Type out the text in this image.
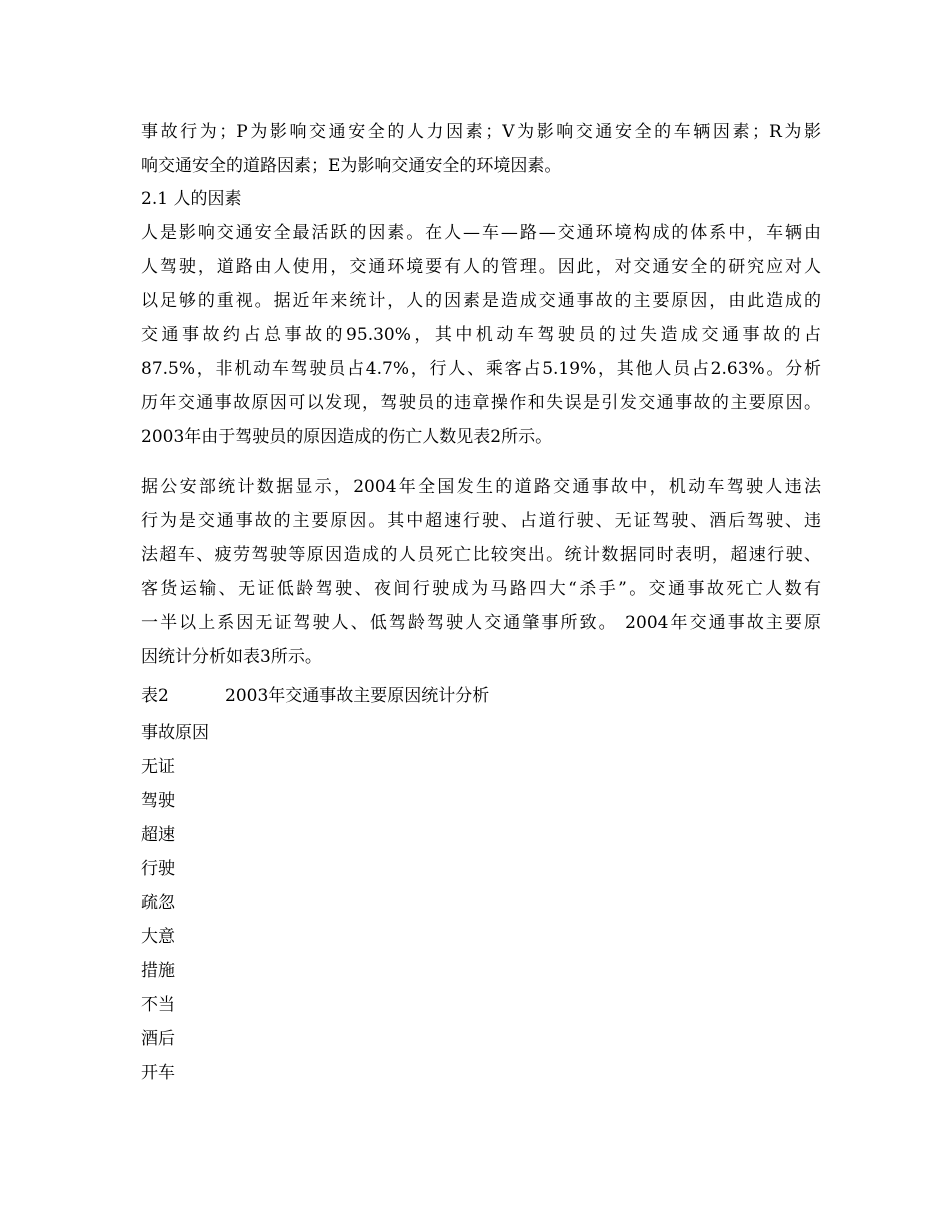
事故行为；P为影响交通安全的人力因素；V为影响交通安全的车辆因素；R为影
响交通安全的道路因素；E为影响交通安全的环境因素。
2.1 人的因素
人是影响交通安全最活跃的因素。在人—车—路—交通环境构成的体系中，车辆由
人驾驶，道路由人使用，交通环境要有人的管理。因此，对交通安全的研究应对人
以足够的重视。据近年来统计，人的因素是造成交通事故的主要原因，由此造成的
交通事故约占总事故的95.30%，其中机动车驾驶员的过失造成交通事故的占
87.5%，非机动车驾驶员占4.7%，行人、乘客占5.19%，其他人员占2.63%。分析
历年交通事故原因可以发现，驾驶员的违章操作和失误是引发交通事故的主要原因。
2003年由于驾驶员的原因造成的伤亡人数见表2所示。
据公安部统计数据显示，2004年全国发生的道路交通事故中，机动车驾驶人违法
行为是交通事故的主要原因。其中超速行驶、占道行驶、无证驾驶、酒后驾驶、违
法超车、疲劳驾驶等原因造成的人员死亡比较突出。统计数据同时表明，超速行驶、
客货运输、无证低龄驾驶、夜间行驶成为马路四大“杀手”。交通事故死亡人数有
一半以上系因无证驾驶人、低驾龄驾驶人交通肇事所致。 2004年交通事故主要原
因统计分析如表3所示。
表2	2003年交通事故主要原因统计分析
事故原因
无证
驾驶
超速
行驶
疏忽
大意
措施
不当
酒后
开车
